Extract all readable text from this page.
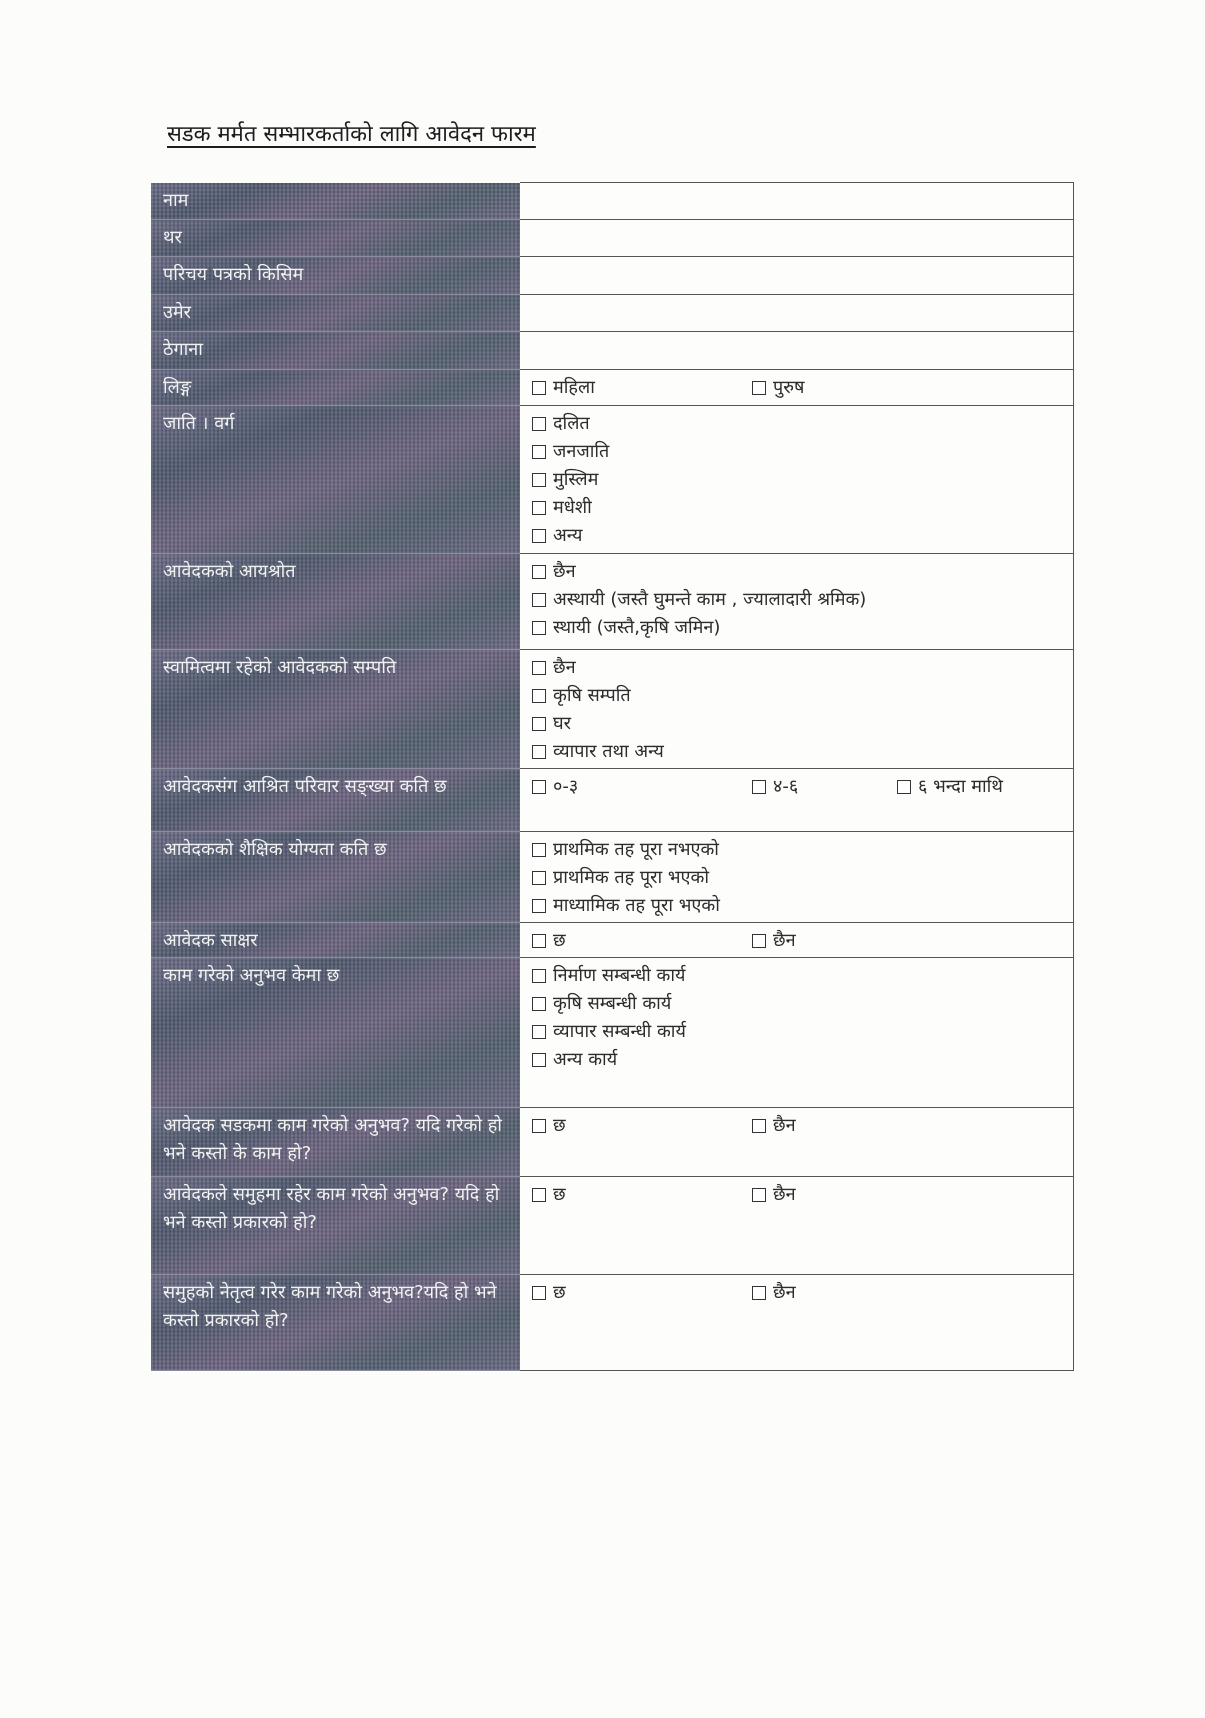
सडक मर्मत सम्भारकर्ताको लागि आवेदन फारम
नाम	
थर	
परिचय पत्रको किसिम	
उमेर	
ठेगाना	
लिङ्ग	महिला पुरुष

जाति । वर्ग	दलित
जनजाति
मुस्लिम
मधेशी
अन्य

आवेदकको आयश्रोत	छैन
अस्थायी (जस्तै घुमन्ते काम , ज्यालादारी श्रमिक)
स्थायी (जस्तै,कृषि जमिन)

स्वामित्वमा रहेको आवेदकको सम्पति	छैन
कृषि सम्पति
घर
व्यापार तथा अन्य

आवेदकसंग आश्रित परिवार सङ्ख्या कति छ	०-३ ४-६ ६ भन्दा माथि

आवेदकको शैक्षिक योग्यता कति छ	प्राथमिक तह पूरा नभएको
प्राथमिक तह पूरा भएको
माध्यामिक तह पूरा भएको

आवेदक साक्षर	छ छैन

काम गरेको अनुभव केमा छ	निर्माण सम्बन्धी कार्य
कृषि सम्बन्धी कार्य
व्यापार सम्बन्धी कार्य
अन्य कार्य

आवेदक सडकमा काम गरेको अनुभव? यदि गरेको हो भने कस्तो के काम हो?	छ छैन

आवेदकले समुहमा रहेर काम गरेको अनुभव? यदि हो भने कस्तो प्रकारको हो?	छ छैन

समुहको नेतृत्व गरेर काम गरेको अनुभव?यदि हो भने कस्तो प्रकारको हो?	छ छैन
